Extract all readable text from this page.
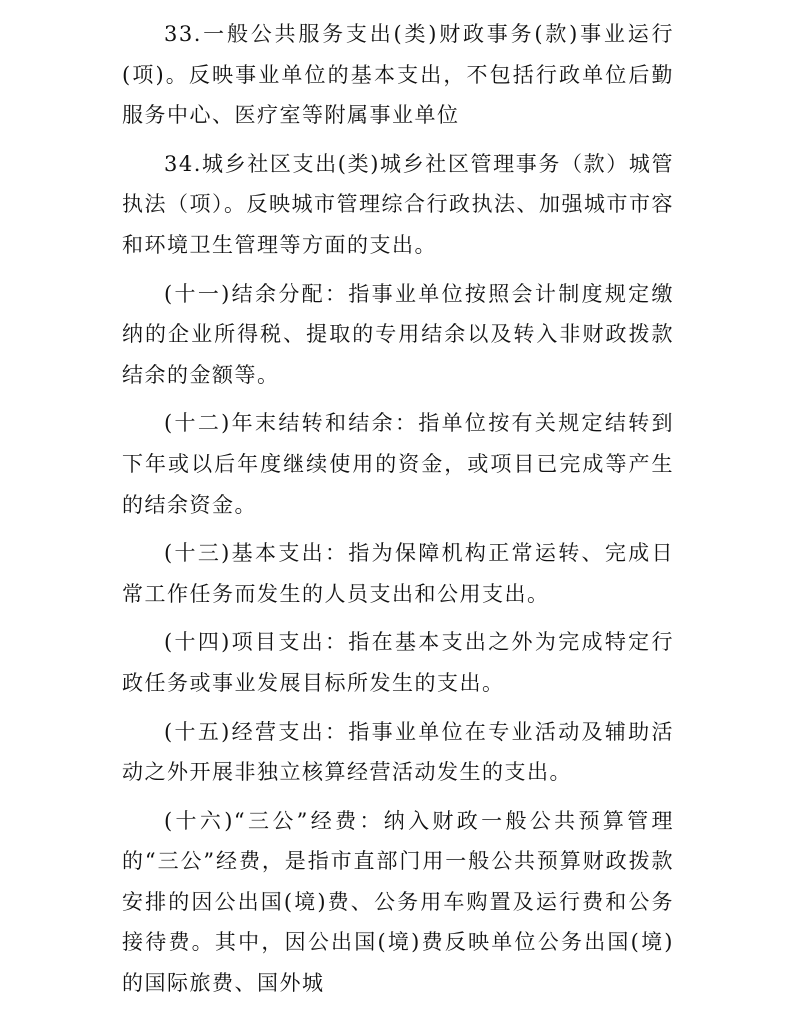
33.一般公共服务支出(类)财政事务(款)事业运行(项)。反映事业单位的基本支出，不包括行政单位后勤服务中心、医疗室等附属事业单位

34.城乡社区支出(类)城乡社区管理事务（款）城管执法（项）。反映城市管理综合行政执法、加强城市市容和环境卫生管理等方面的支出。

(十一)结余分配：指事业单位按照会计制度规定缴纳的企业所得税、提取的专用结余以及转入非财政拨款结余的金额等。

(十二)年末结转和结余：指单位按有关规定结转到下年或以后年度继续使用的资金，或项目已完成等产生的结余资金。

(十三)基本支出：指为保障机构正常运转、完成日常工作任务而发生的人员支出和公用支出。

(十四)项目支出：指在基本支出之外为完成特定行政任务或事业发展目标所发生的支出。

(十五)经营支出：指事业单位在专业活动及辅助活动之外开展非独立核算经营活动发生的支出。

(十六)“三公”经费：纳入财政一般公共预算管理的“三公”经费，是指市直部门用一般公共预算财政拨款安排的因公出国(境)费、公务用车购置及运行费和公务接待费。其中，因公出国(境)费反映单位公务出国(境)的国际旅费、国外城
